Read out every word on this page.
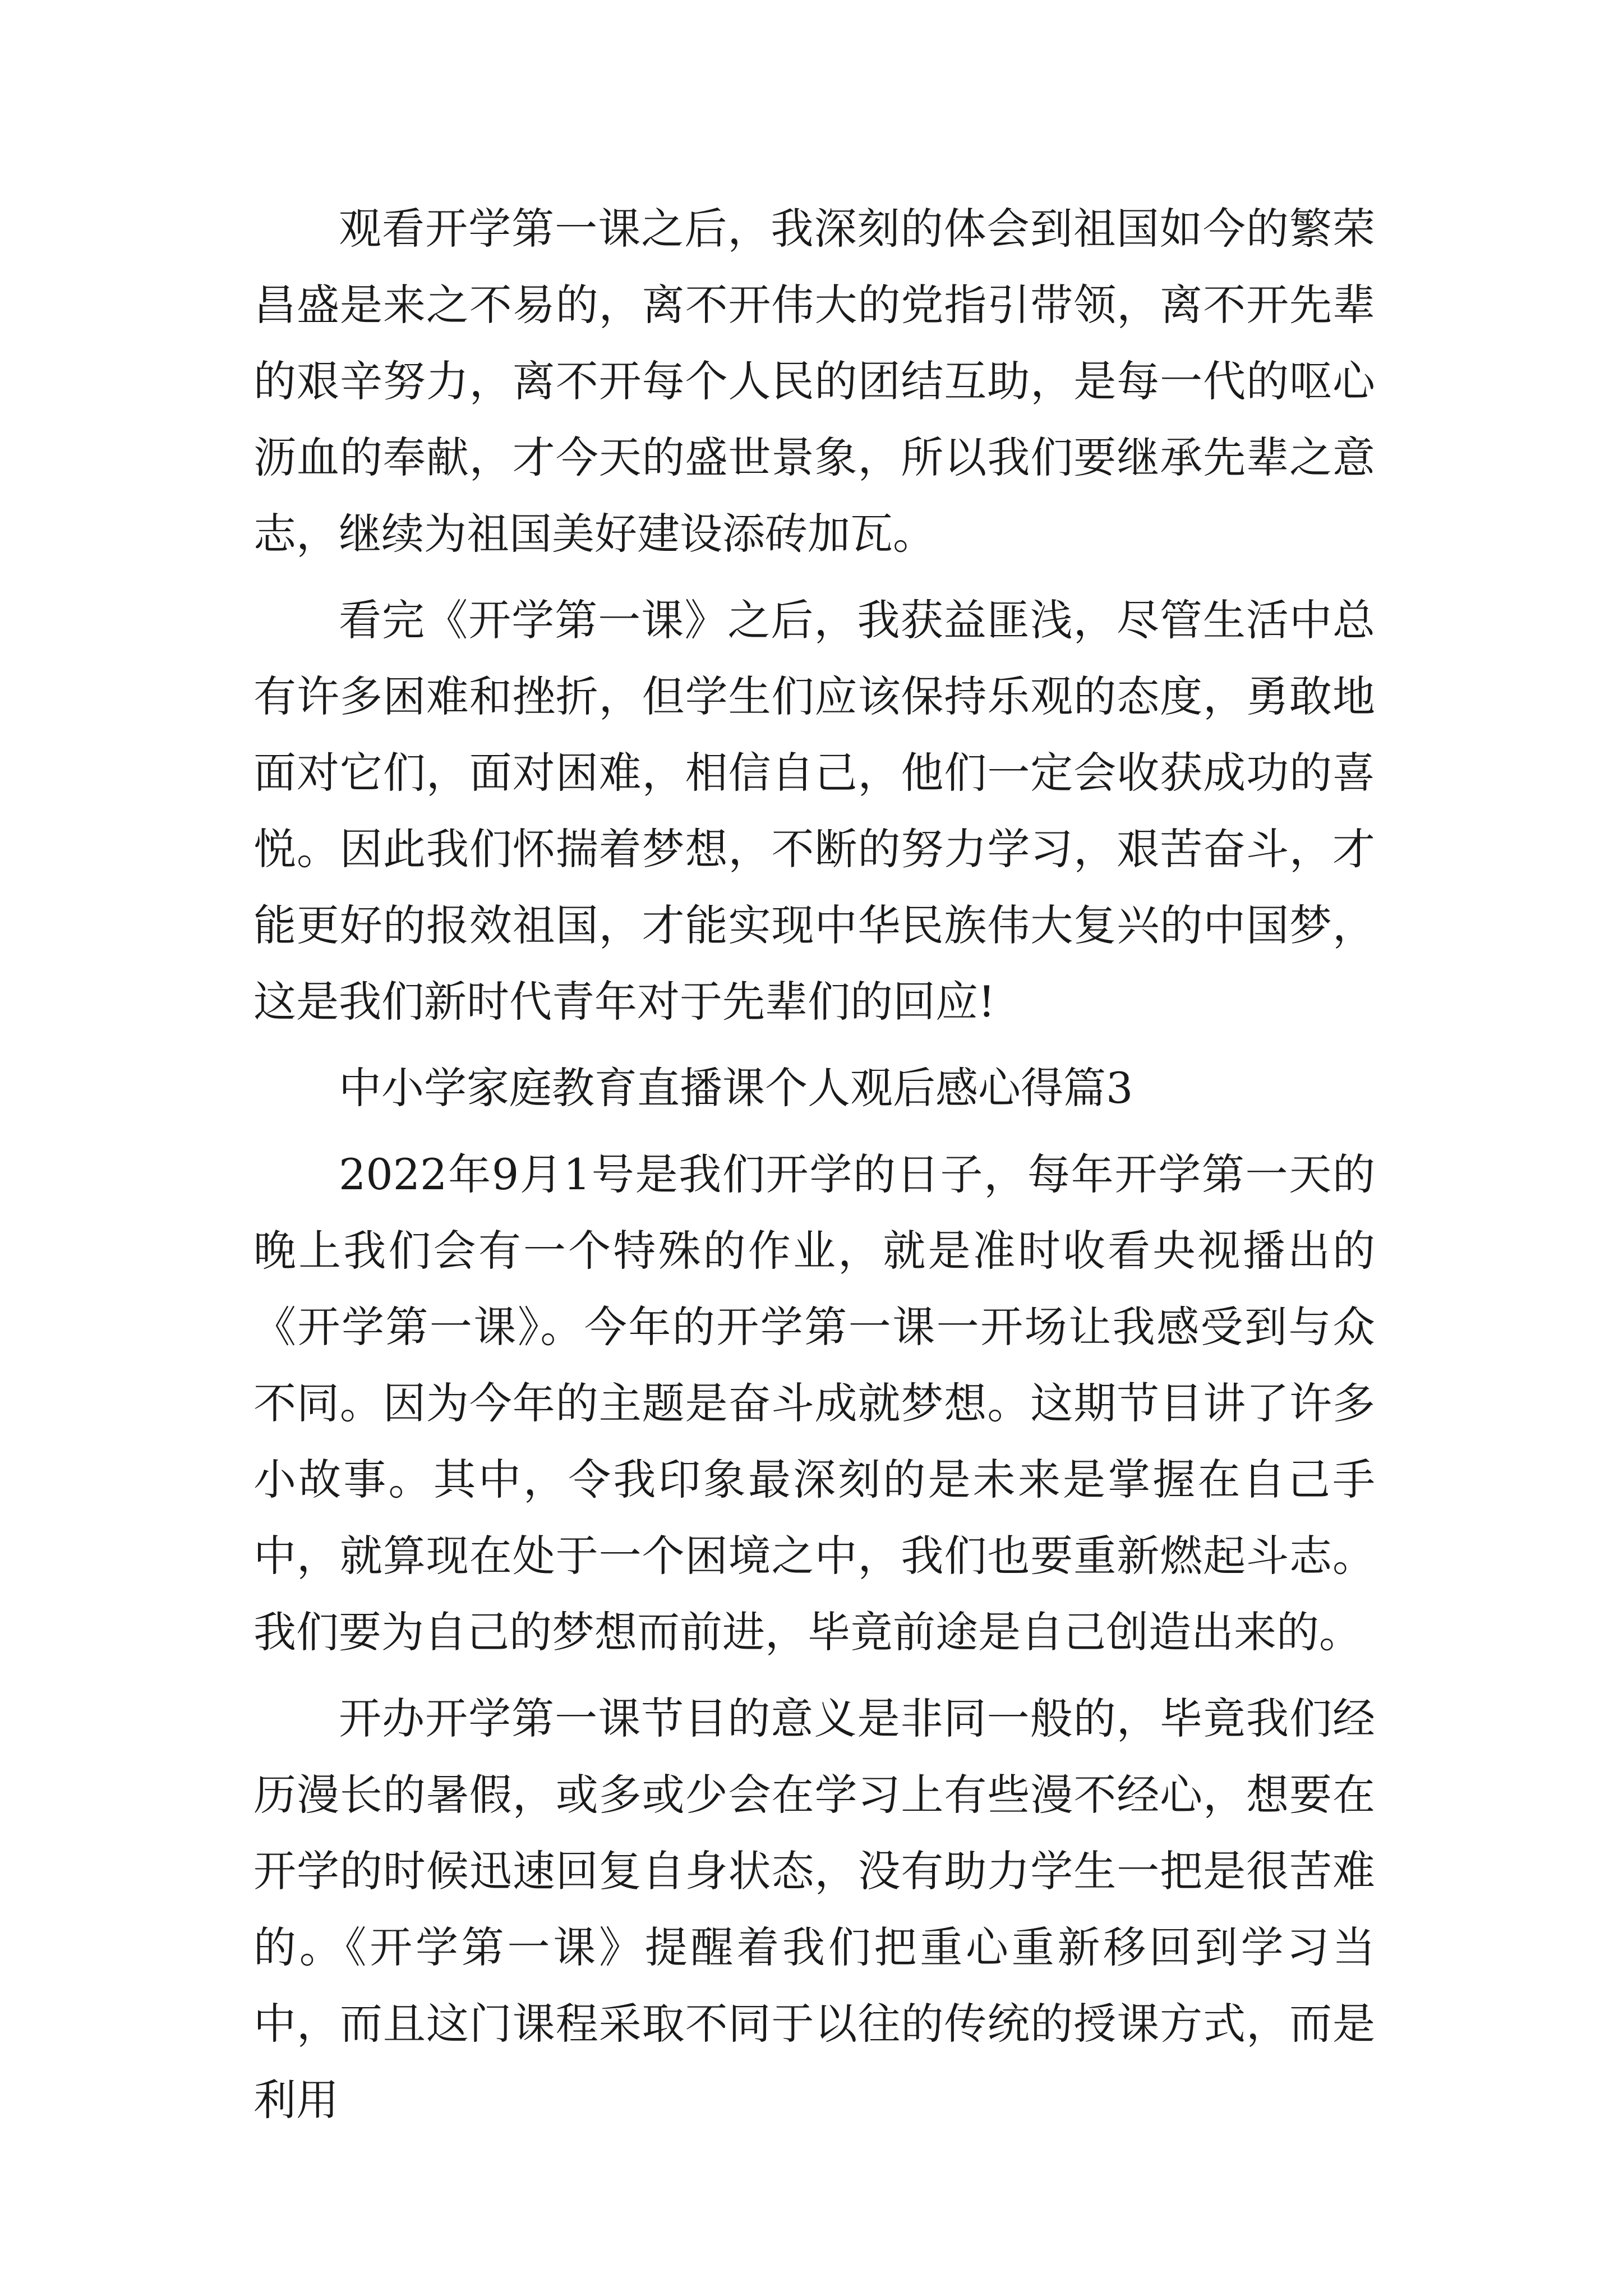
观看开学第一课之后，我深刻的体会到祖国如今的繁荣昌盛是来之不易的，离不开伟大的党指引带领，离不开先辈的艰辛努力，离不开每个人民的团结互助，是每一代的呕心沥血的奉献，才今天的盛世景象，所以我们要继承先辈之意志，继续为祖国美好建设添砖加瓦。

看完《开学第一课》之后，我获益匪浅，尽管生活中总有许多困难和挫折，但学生们应该保持乐观的态度，勇敢地面对它们，面对困难，相信自己，他们一定会收获成功的喜悦。因此我们怀揣着梦想，不断的努力学习，艰苦奋斗，才能更好的报效祖国，才能实现中华民族伟大复兴的中国梦，这是我们新时代青年对于先辈们的回应!

中小学家庭教育直播课个人观后感心得篇3

2022年9月1号是我们开学的日子，每年开学第一天的晚上我们会有一个特殊的作业，就是准时收看央视播出的《开学第一课》。今年的开学第一课一开场让我感受到与众不同。因为今年的主题是奋斗成就梦想。这期节目讲了许多小故事。其中，令我印象最深刻的是未来是掌握在自己手中，就算现在处于一个困境之中，我们也要重新燃起斗志。我们要为自己的梦想而前进，毕竟前途是自己创造出来的。

开办开学第一课节目的意义是非同一般的，毕竟我们经历漫长的暑假，或多或少会在学习上有些漫不经心，想要在开学的时候迅速回复自身状态，没有助力学生一把是很苦难的。《开学第一课》提醒着我们把重心重新移回到学习当中，而且这门课程采取不同于以往的传统的授课方式，而是利用
